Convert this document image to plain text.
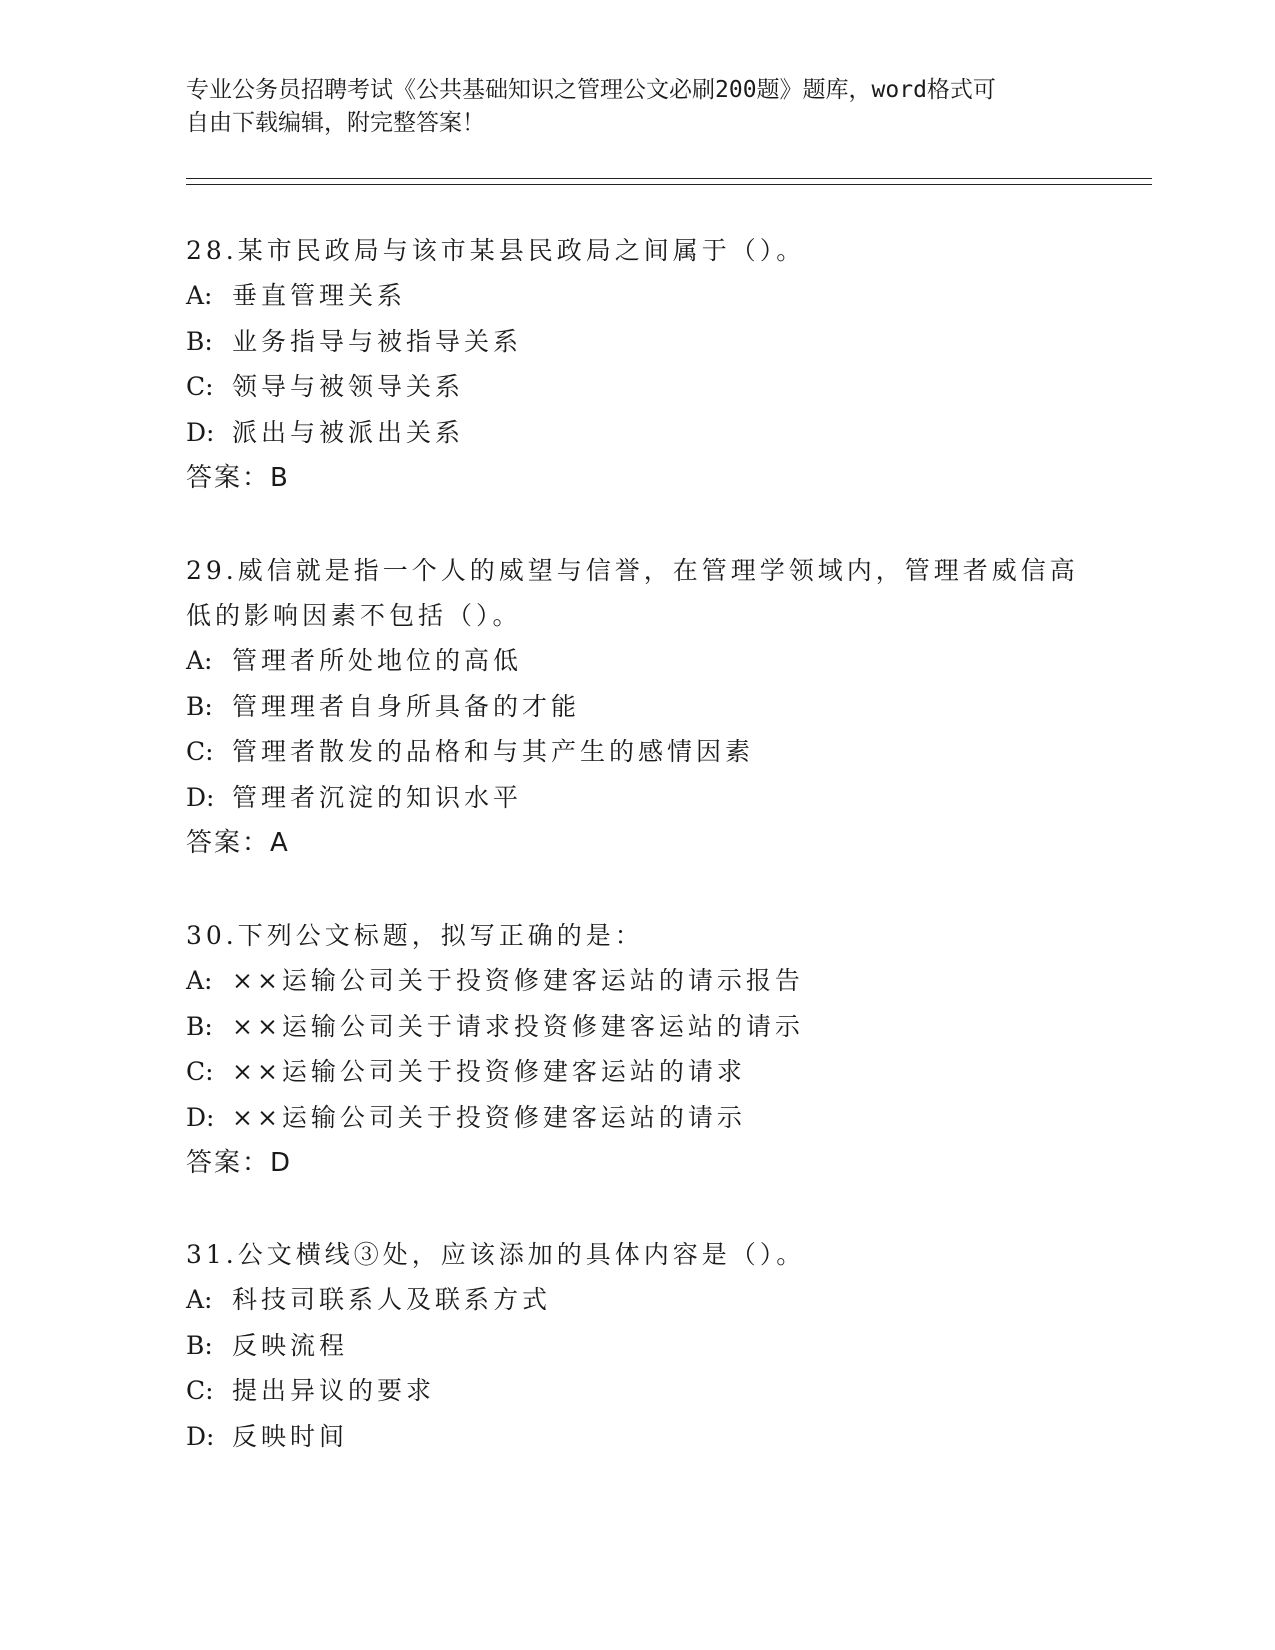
专业公务员招聘考试《公共基础知识之管理公文必刷200题》题库，word格式可
自由下载编辑，附完整答案！
28.某市民政局与该市某县民政局之间属于（）。
A: 垂直管理关系
B: 业务指导与被指导关系
C: 领导与被领导关系
D: 派出与被派出关系
答案：B
29.威信就是指一个人的威望与信誉，在管理学领域内，管理者威信高
低的影响因素不包括（）。
A: 管理者所处地位的高低
B: 管理理者自身所具备的才能
C: 管理者散发的品格和与其产生的感情因素
D: 管理者沉淀的知识水平
答案：A
30.下列公文标题，拟写正确的是：
A: ××运输公司关于投资修建客运站的请示报告
B: ××运输公司关于请求投资修建客运站的请示
C: ××运输公司关于投资修建客运站的请求
D: ××运输公司关于投资修建客运站的请示
答案：D
31.公文横线③处，应该添加的具体内容是（）。
A: 科技司联系人及联系方式
B: 反映流程
C: 提出异议的要求
D: 反映时间
